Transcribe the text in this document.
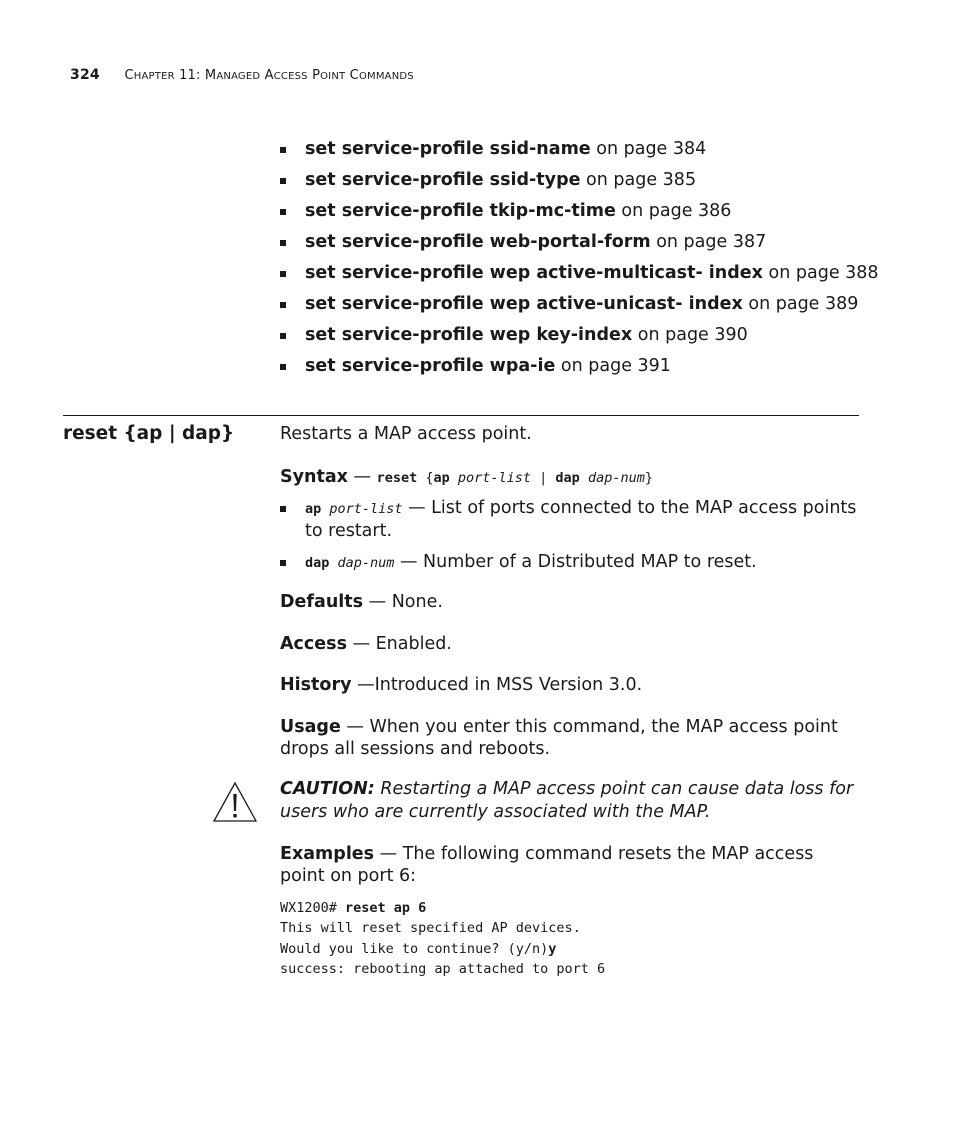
324 CHAPTER 11: MANAGED ACCESS POINT COMMANDS
set service-profile ssid-name on page 384
set service-profile ssid-type on page 385
set service-profile tkip-mc-time on page 386
set service-profile web-portal-form on page 387
set service-profile wep active-multicast- index on page 388
set service-profile wep active-unicast- index on page 389
set service-profile wep key-index on page 390
set service-profile wpa-ie on page 391
reset {ap | dap}	Restarts a MAP access point.
Syntax — reset {ap port-list | dap dap-num}
ap port-list — List of ports connected to the MAP access points to restart.
dap dap-num — Number of a Distributed MAP to reset.
Defaults — None.
Access — Enabled.
History —Introduced in MSS Version 3.0.
Usage — When you enter this command, the MAP access point drops all sessions and reboots.
CAUTION: Restarting a MAP access point can cause data loss for users who are currently associated with the MAP.
Examples — The following command resets the MAP access point on port 6:
WX1200# reset ap 6
This will reset specified AP devices.
Would you like to continue? (y/n)y
success: rebooting ap attached to port 6
